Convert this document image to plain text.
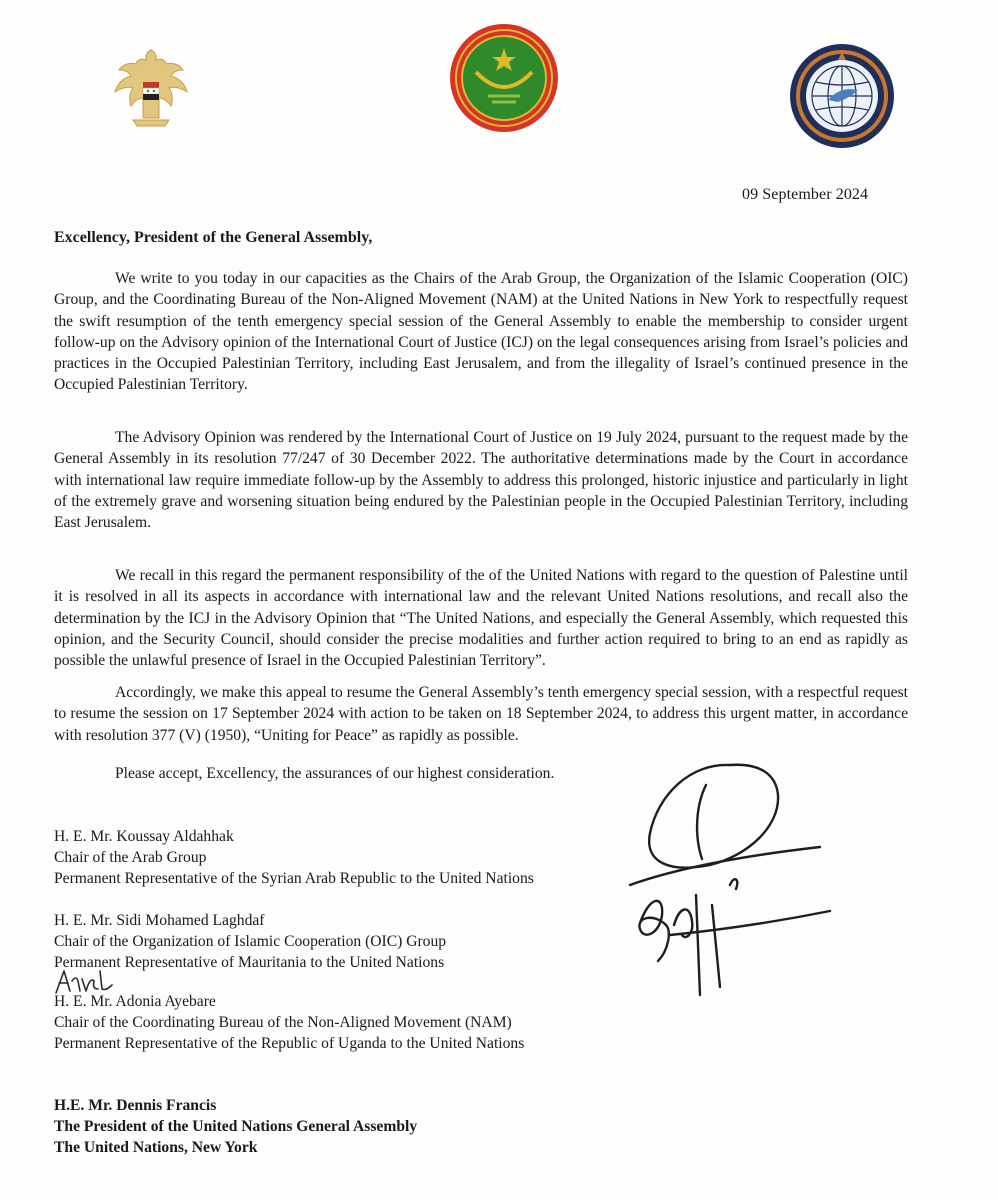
09 September 2024
Excellency, President of the General Assembly,

We write to you today in our capacities as the Chairs of the Arab Group, the Organization of the Islamic Cooperation (OIC) Group, and the Coordinating Bureau of the Non-Aligned Movement (NAM) at the United Nations in New York to respectfully request the swift resumption of the tenth emergency special session of the General Assembly to enable the membership to consider urgent follow-up on the Advisory opinion of the International Court of Justice (ICJ) on the legal consequences arising from Israel’s policies and practices in the Occupied Palestinian Territory, including East Jerusalem, and from the illegality of Israel’s continued presence in the Occupied Palestinian Territory.

The Advisory Opinion was rendered by the International Court of Justice on 19 July 2024, pursuant to the request made by the General Assembly in its resolution 77/247 of 30 December 2022. The authoritative determinations made by the Court in accordance with international law require immediate follow-up by the Assembly to address this prolonged, historic injustice and particularly in light of the extremely grave and worsening situation being endured by the Palestinian people in the Occupied Palestinian Territory, including East Jerusalem.

We recall in this regard the permanent responsibility of the of the United Nations with regard to the question of Palestine until it is resolved in all its aspects in accordance with international law and the relevant United Nations resolutions, and recall also the determination by the ICJ in the Advisory Opinion that “The United Nations, and especially the General Assembly, which requested this opinion, and the Security Council, should consider the precise modalities and further action required to bring to an end as rapidly as possible the unlawful presence of Israel in the Occupied Palestinian Territory”.

Accordingly, we make this appeal to resume the General Assembly’s tenth emergency special session, with a respectful request to resume the session on 17 September 2024 with action to be taken on 18 September 2024, to address this urgent matter, in accordance with resolution 377 (V) (1950), “Uniting for Peace” as rapidly as possible.

Please accept, Excellency, the assurances of our highest consideration.
H. E. Mr. Koussay Aldahhak
Chair of the Arab Group
Permanent Representative of the Syrian Arab Republic to the United Nations
H. E. Mr. Sidi Mohamed Laghdaf
Chair of the Organization of Islamic Cooperation (OIC) Group
Permanent Representative of Mauritania to the United Nations
H. E. Mr. Adonia Ayebare
Chair of the Coordinating Bureau of the Non-Aligned Movement (NAM)
Permanent Representative of the Republic of Uganda to the United Nations
H.E. Mr. Dennis Francis
The President of the United Nations General Assembly
The United Nations, New York
